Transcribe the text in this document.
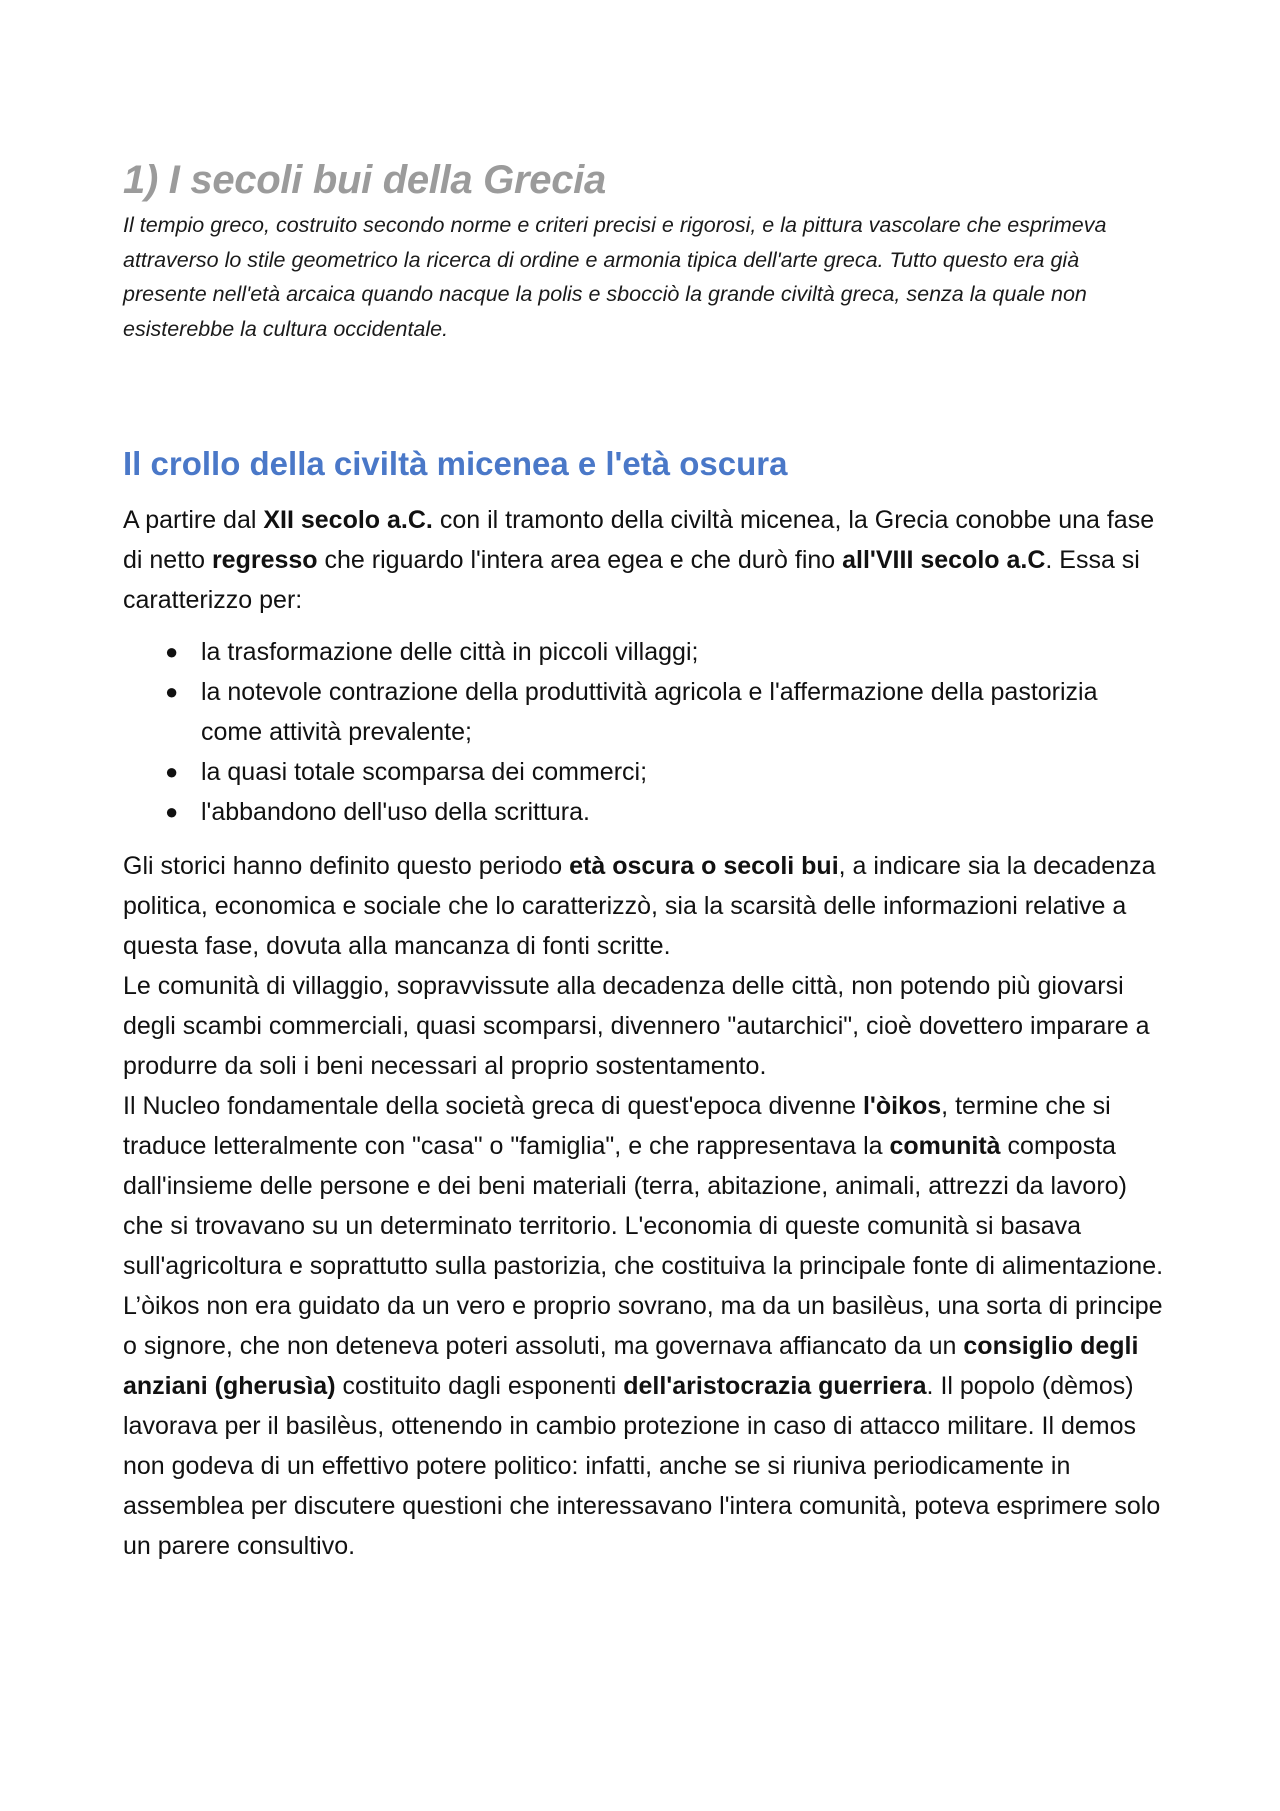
1) I secoli bui della Grecia

Il tempio greco, costruito secondo norme e criteri precisi e rigorosi, e la pittura vascolare che esprimeva attraverso lo stile geometrico la ricerca di ordine e armonia tipica dell'arte greca. Tutto questo era già presente nell'età arcaica quando nacque la polis e sbocciò la grande civiltà greca, senza la quale non esisterebbe la cultura occidentale.

Il crollo della civiltà micenea e l'età oscura

A partire dal XII secolo a.C. con il tramonto della civiltà micenea, la Grecia conobbe una fase di netto regresso che riguardo l'intera area egea e che durò fino all'VIII secolo a.C. Essa si caratterizzo per:

● la trasformazione delle città in piccoli villaggi;
● la notevole contrazione della produttività agricola e l'affermazione della pastorizia come attività prevalente;
● la quasi totale scomparsa dei commerci;
● l'abbandono dell'uso della scrittura.
Gli storici hanno definito questo periodo età oscura o secoli bui, a indicare sia la decadenza politica, economica e sociale che lo caratterizzò, sia la scarsità delle informazioni relative a questa fase, dovuta alla mancanza di fonti scritte.
Le comunità di villaggio, sopravvissute alla decadenza delle città, non potendo più giovarsi degli scambi commerciali, quasi scomparsi, divennero "autarchici", cioè dovettero imparare a produrre da soli i beni necessari al proprio sostentamento.
Il Nucleo fondamentale della società greca di quest'epoca divenne l'òikos, termine che si traduce letteralmente con "casa" o "famiglia", e che rappresentava la comunità composta dall'insieme delle persone e dei beni materiali (terra, abitazione, animali, attrezzi da lavoro) che si trovavano su un determinato territorio. L'economia di queste comunità si basava sull'agricoltura e soprattutto sulla pastorizia, che costituiva la principale fonte di alimentazione. L’òikos non era guidato da un vero e proprio sovrano, ma da un basilèus, una sorta di principe o signore, che non deteneva poteri assoluti, ma governava affiancato da un consiglio degli anziani (gherusìa) costituito dagli esponenti dell'aristocrazia guerriera. Il popolo (dèmos) lavorava per il basilèus, ottenendo in cambio protezione in caso di attacco militare. Il demos non godeva di un effettivo potere politico: infatti, anche se si riuniva periodicamente in assemblea per discutere questioni che interessavano l'intera comunità, poteva esprimere solo un parere consultivo.
